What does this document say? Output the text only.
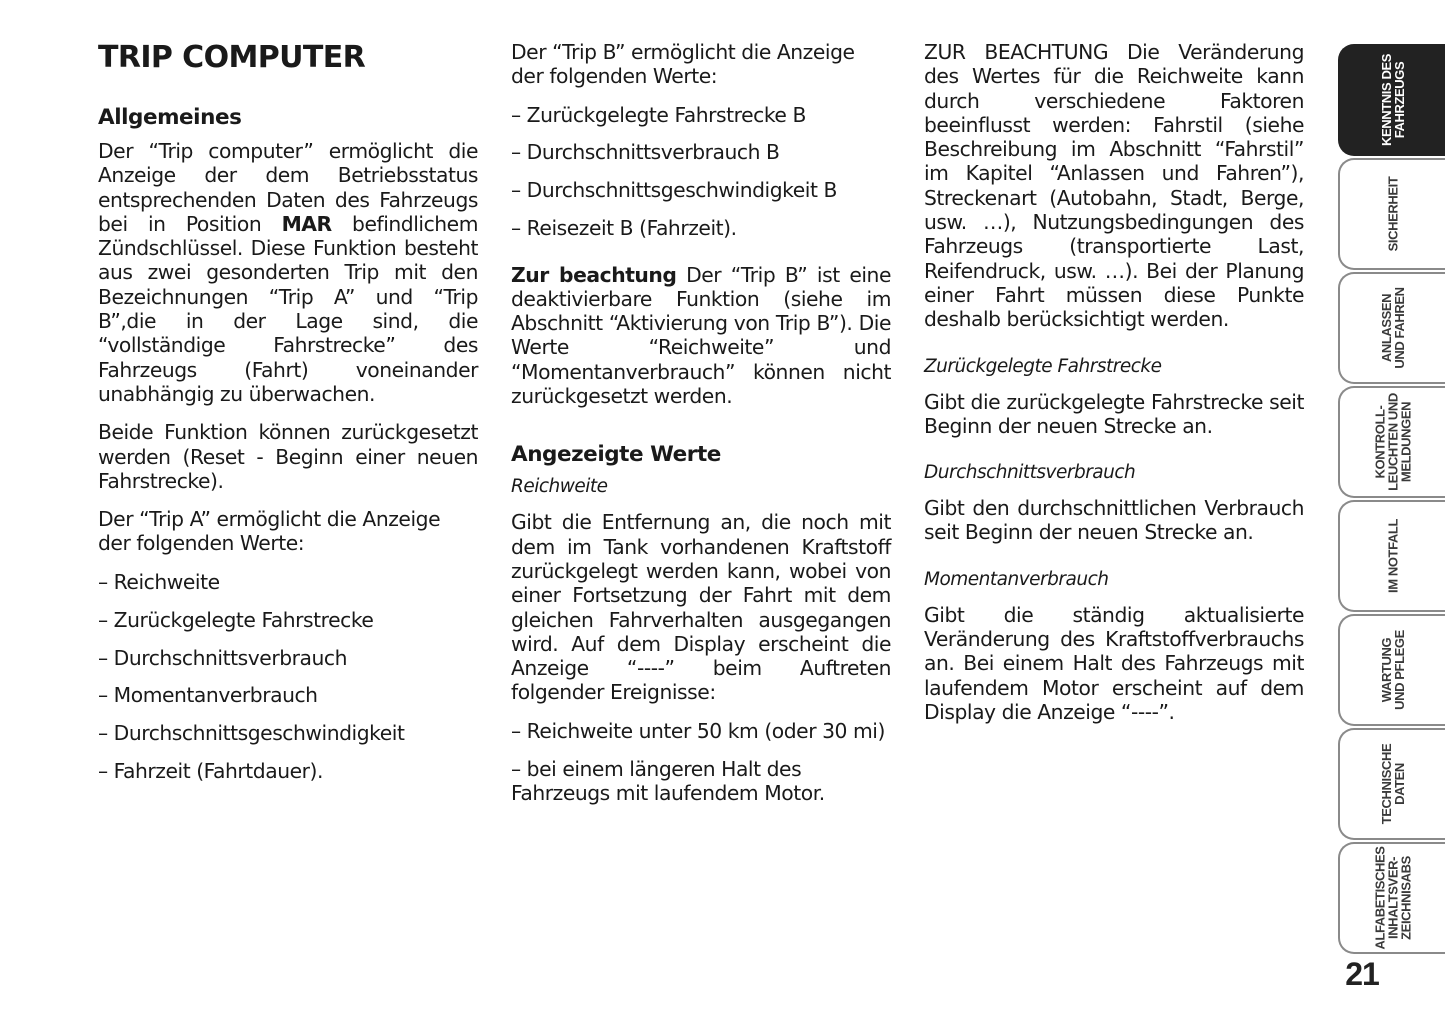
TRIP COMPUTER
Allgemeines
Der “Trip computer” ermöglicht die Anzeige der dem Betriebsstatus entsprechenden Daten des Fahrzeugs bei in Position MAR befindlichem Zündschlüssel. Diese Funktion besteht aus zwei gesonderten Trip mit den Bezeichnungen “Trip A” und “Trip B”,die in der Lage sind, die “vollständige Fahrstrecke” des Fahrzeugs (Fahrt) voneinander unabhängig zu überwachen.
Beide Funktion können zurückgesetzt werden (Reset - Beginn einer neuen Fahrstrecke).
Der “Trip A” ermöglicht die Anzeige der folgenden Werte:
– Reichweite
– Zurückgelegte Fahrstrecke
– Durchschnittsverbrauch
– Momentanverbrauch
– Durchschnittsgeschwindigkeit
– Fahrzeit (Fahrtdauer).
Der “Trip B” ermöglicht die Anzeige der folgenden Werte:
– Zurückgelegte Fahrstrecke B
– Durchschnittsverbrauch B
– Durchschnittsgeschwindigkeit B
– Reisezeit B (Fahrzeit).
Zur beachtung Der “Trip B” ist eine deaktivierbare Funktion (siehe im Abschnitt “Aktivierung von Trip B”). Die Werte “Reichweite” und “Momentanverbrauch” können nicht zurückgesetzt werden.
Angezeigte Werte
Reichweite
Gibt die Entfernung an, die noch mit dem im Tank vorhandenen Kraftstoff zurückgelegt werden kann, wobei von einer Fortsetzung der Fahrt mit dem gleichen Fahrverhalten ausgegangen wird. Auf dem Display erscheint die Anzeige “----” beim Auftreten folgender Ereignisse:
– Reichweite unter 50 km (oder 30 mi)
– bei einem längeren Halt des Fahrzeugs mit laufendem Motor.
ZUR BEACHTUNG Die Veränderung des Wertes für die Reichweite kann durch verschiedene Faktoren beeinflusst werden: Fahrstil (siehe Beschreibung im Abschnitt “Fahrstil” im Kapitel “Anlassen und Fahren”), Streckenart (Autobahn, Stadt, Berge, usw. …), Nutzungsbedingungen des Fahrzeugs (transportierte Last, Reifendruck, usw. …). Bei der Planung einer Fahrt müssen diese Punkte deshalb berücksichtigt werden.
Zurückgelegte Fahrstrecke
Gibt die zurückgelegte Fahrstrecke seit Beginn der neuen Strecke an.
Durchschnittsverbrauch
Gibt den durchschnittlichen Verbrauch seit Beginn der neuen Strecke an.
Momentanverbrauch
Gibt die ständig aktualisierte Veränderung des Kraftstoffverbrauchs an. Bei einem Halt des Fahrzeugs mit laufendem Motor erscheint auf dem Display die Anzeige “----”.
KENNTNIS DES
FAHRZEUGS
SICHERHEIT
ANLASSEN
UND FAHREN
KONTROLL-
LEUCHTEN UND
MELDUNGEN
IM NOTFALL
WARTUNG
UND PFLEGE
TECHNISCHE
DATEN
ALFABETISCHES
INHALTSVER-
ZEICHNISABS
21
